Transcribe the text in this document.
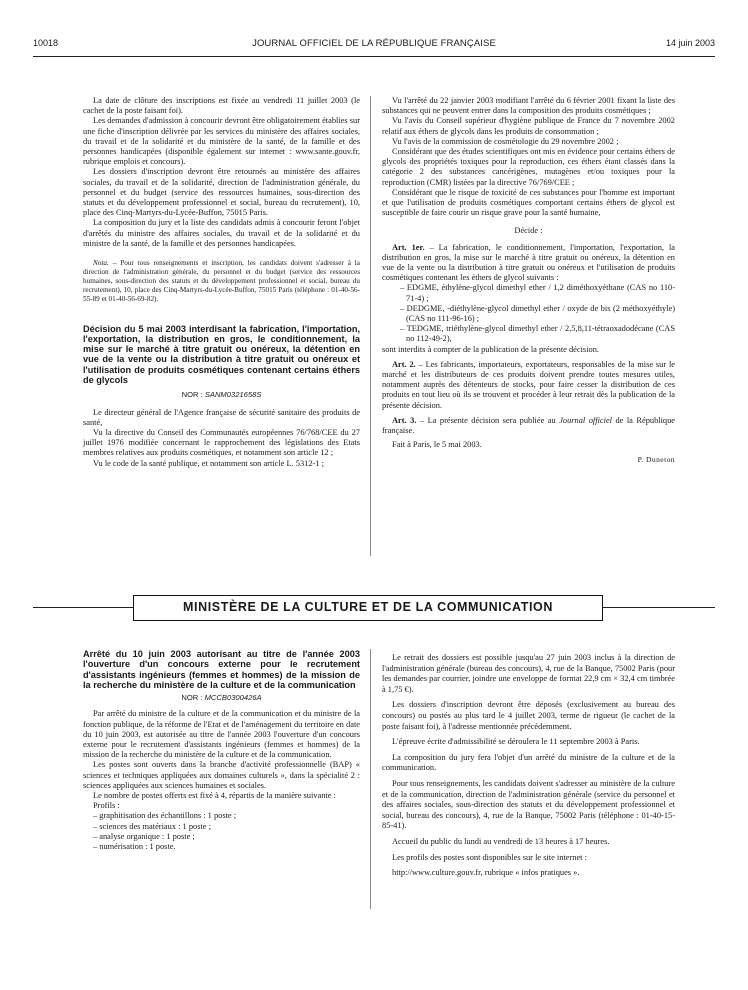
10018	JOURNAL OFFICIEL DE LA RÉPUBLIQUE FRANÇAISE	14 juin 2003

La date de clôture des inscriptions est fixée au vendredi 11 juillet 2003 (le cachet de la poste faisant foi).

Les demandes d'admission à concourir devront être obligatoirement établies sur une fiche d'inscription délivrée par les services du ministère des affaires sociales, du travail et de la solidarité et du ministère de la santé, de la famille et des personnes handicapées (disponible également sur internet : www.sante.gouv.fr, rubrique emplois et concours).

Les dossiers d'inscription devront être retournés au ministère des affaires sociales, du travail et de la solidarité, direction de l'administration générale, du personnel et du budget (service des ressources humaines, sous-direction des statuts et du développement professionnel et social, bureau du recrutement), 10, place des Cinq-Martyrs-du-Lycée-Buffon, 75015 Paris.

La composition du jury et la liste des candidats admis à concourir feront l'objet d'arrêtés du ministre des affaires sociales, du travail et de la solidarité et du ministre de la santé, de la famille et des personnes handicapées.

Nota. – Pour tous renseignements et inscription, les candidats doivent s'adresser à la direction de l'administration générale, du personnel et du budget (service des ressources humaines, sous-direction des statuts et du développement professionnel et social, bureau du recrutement), 10, place des Cinq-Martyrs-du-Lycée-Buffon, 75015 Paris (téléphone : 01-40-56-55-89 et 01-40-56-69-82).

Décision du 5 mai 2003 interdisant la fabrication, l'importation, l'exportation, la distribution en gros, le conditionnement, la mise sur le marché à titre gratuit ou onéreux, la détention en vue de la vente ou la distribution à titre gratuit ou onéreux et l'utilisation de produits cosmétiques contenant certains éthers de glycols

NOR : SANM0321658S

Le directeur général de l'Agence française de sécurité sanitaire des produits de santé,

Vu la directive du Conseil des Communautés européennes 76/768/CEE du 27 juillet 1976 modifiée concernant le rapprochement des législations des Etats membres relatives aux produits cosmétiques, et notamment son article 12 ;

Vu le code de la santé publique, et notamment son article L. 5312-1 ;

Vu l'arrêté du 22 janvier 2003 modifiant l'arrêté du 6 février 2001 fixant la liste des substances qui ne peuvent entrer dans la composition des produits cosmétiques ;

Vu l'avis du Conseil supérieur d'hygiène publique de France du 7 novembre 2002 relatif aux éthers de glycols dans les produits de consommation ;

Vu l'avis de la commission de cosmétologie du 29 novembre 2002 ;

Considérant que des études scientifiques ont mis en évidence pour certains éthers de glycols des propriétés toxiques pour la reproduction, ces éthers étant classés dans la catégorie 2 des substances cancérigènes, mutagènes et/ou toxiques pour la reproduction (CMR) listées par la directive 76/769/CEE ;

Considérant que le risque de toxicité de ces substances pour l'homme est important et que l'utilisation de produits cosmétiques comportant certains éthers de glycol est susceptible de faire courir un risque grave pour la santé humaine,

Décide :

Art. 1er. – La fabrication, le conditionnement, l'importation, l'exportation, la distribution en gros, la mise sur le marché à titre gratuit ou onéreux, la détention en vue de la vente ou la distribution à titre gratuit ou onéreux et l'utilisation de produits cosmétiques contenant les éthers de glycol suivants :

– EDGME, éthylène-glycol dimethyl ether / 1,2 diméthoxyéthane (CAS no 110-71-4) ;
– DEDGME, -diéthylène-glycol dimethyl ether / oxyde de bis (2 méthoxyéthyle) (CAS no 111-96-16) ;
– TEDGME, triéthylène-glycol dimethyl ether / 2,5,8,11-tétraoxadodécane (CAS no 112-49-2),

sont interdits à compter de la publication de la présente décision.

Art. 2. – Les fabricants, importateurs, exportateurs, responsables de la mise sur le marché et les distributeurs de ces produits doivent prendre toutes mesures utiles, notamment auprès des détenteurs de stocks, pour faire cesser la distribution de ces produits en tout lieu où ils se trouvent et procéder à leur retrait dès la publication de la présente décision.

Art. 3. – La présente décision sera publiée au Journal officiel de la République française.

Fait à Paris, le 5 mai 2003.

P. Duneton

MINISTÈRE DE LA CULTURE ET DE LA COMMUNICATION

Arrêté du 10 juin 2003 autorisant au titre de l'année 2003 l'ouverture d'un concours externe pour le recrutement d'assistants ingénieurs (femmes et hommes) de la mission de la recherche du ministère de la culture et de la communication

NOR : MCCB0300426A

Par arrêté du ministre de la culture et de la communication et du ministre de la fonction publique, de la réforme de l'Etat et de l'aménagement du territoire en date du 10 juin 2003, est autorisée au titre de l'année 2003 l'ouverture d'un concours externe pour le recrutement d'assistants ingénieurs (femmes et hommes) de la mission de la recherche du ministère de la culture et de la communication.

Les postes sont ouverts dans la branche d'activité professionnelle (BAP) « sciences et techniques appliquées aux domaines culturels », dans la spécialité 2 : sciences appliquées aux sciences humaines et sociales.

Le nombre de postes offerts est fixé à 4, répartis de la manière suivante :

Profils :

– graphitisation des échantillons : 1 poste ;
– sciences des matériaux : 1 poste ;
– analyse organique : 1 poste ;
– numérisation : 1 poste.

Le retrait des dossiers est possible jusqu'au 27 juin 2003 inclus à la direction de l'administration générale (bureau des concours), 4, rue de la Banque, 75002 Paris (pour les demandes par courrier, joindre une enveloppe de format 22,9 cm × 32,4 cm timbrée à 1,75 €).

Les dossiers d'inscription devront être déposés (exclusivement au bureau des concours) ou postés au plus tard le 4 juillet 2003, terme de rigueur (le cachet de la poste faisant foi), à l'adresse mentionnée précédemment.

L'épreuve écrite d'admissibilité se déroulera le 11 septembre 2003 à Paris.

La composition du jury fera l'objet d'un arrêté du ministre de la culture et de la communication.

Pour tous renseignements, les candidats doivent s'adresser au ministère de la culture et de la communication, direction de l'administration générale (service du personnel et des affaires sociales, sous-direction des statuts et du développement professionnel et social, bureau des concours), 4, rue de la Banque, 75002 Paris (téléphone : 01-40-15-85-41).

Accueil du public du lundi au vendredi de 13 heures à 17 heures.

Les profils des postes sont disponibles sur le site internet :

http://www.culture.gouv.fr, rubrique « infos pratiques ».
